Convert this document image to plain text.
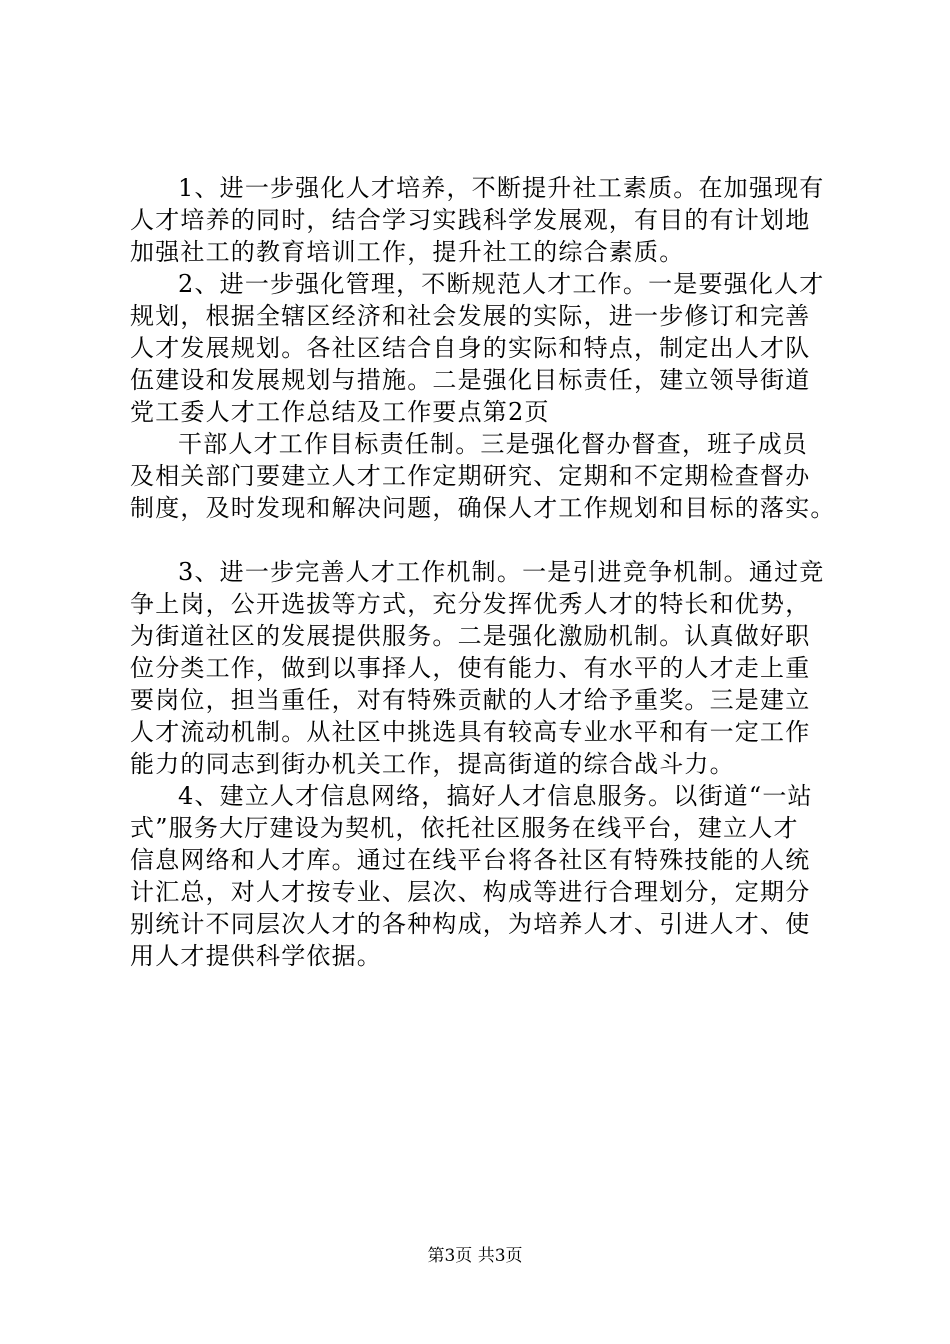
1、进一步强化人才培养，不断提升社工素质。在加强现有
人才培养的同时，结合学习实践科学发展观，有目的有计划地
加强社工的教育培训工作，提升社工的综合素质。
2、进一步强化管理，不断规范人才工作。一是要强化人才
规划，根据全辖区经济和社会发展的实际，进一步修订和完善
人才发展规划。各社区结合自身的实际和特点，制定出人才队
伍建设和发展规划与措施。二是强化目标责任，建立领导街道
党工委人才工作总结及工作要点第2页
干部人才工作目标责任制。三是强化督办督查，班子成员
及相关部门要建立人才工作定期研究、定期和不定期检查督办
制度，及时发现和解决问题，确保人才工作规划和目标的落实。
3、进一步完善人才工作机制。一是引进竞争机制。通过竞
争上岗，公开选拔等方式，充分发挥优秀人才的特长和优势，
为街道社区的发展提供服务。二是强化激励机制。认真做好职
位分类工作，做到以事择人，使有能力、有水平的人才走上重
要岗位，担当重任，对有特殊贡献的人才给予重奖。三是建立
人才流动机制。从社区中挑选具有较高专业水平和有一定工作
能力的同志到街办机关工作，提高街道的综合战斗力。
4、建立人才信息网络，搞好人才信息服务。以街道“一站
式”服务大厅建设为契机，依托社区服务在线平台，建立人才
信息网络和人才库。通过在线平台将各社区有特殊技能的人统
计汇总，对人才按专业、层次、构成等进行合理划分，定期分
别统计不同层次人才的各种构成，为培养人才、引进人才、使
用人才提供科学依据。
第3页 共3页
